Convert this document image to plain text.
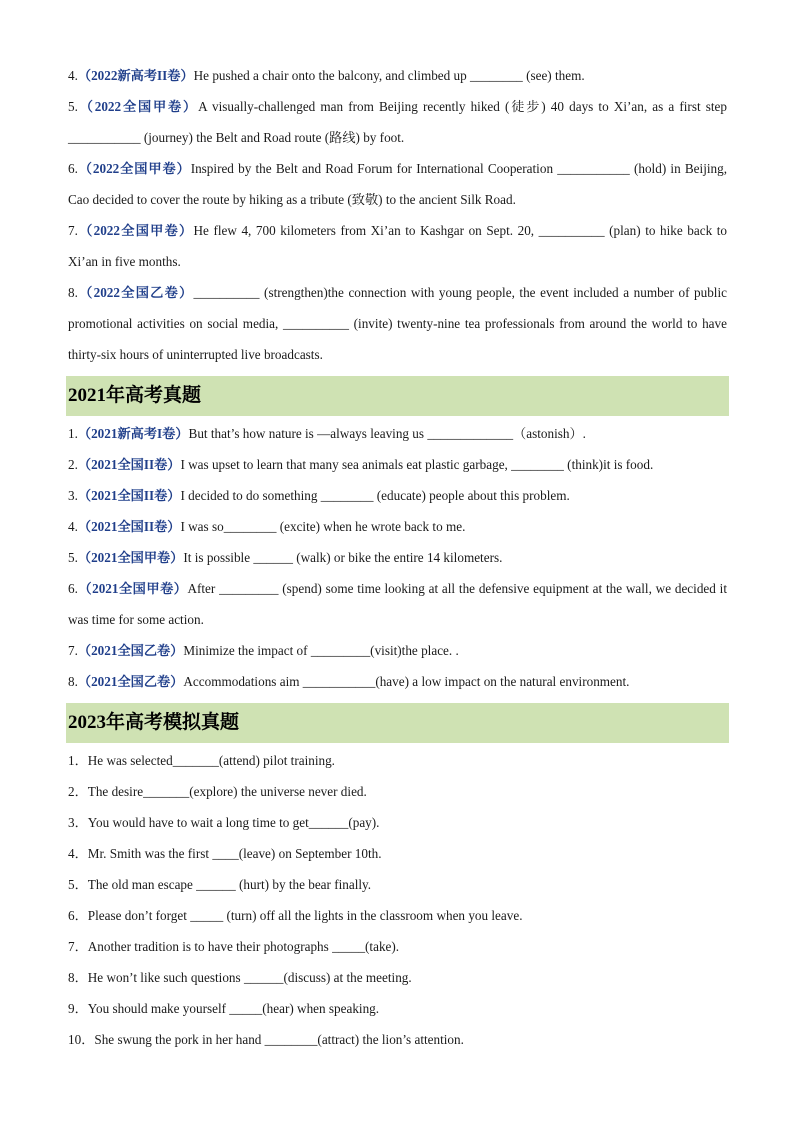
4.（2022新高考II卷）He pushed a chair onto the balcony, and climbed up ________ (see) them.
5.（2022全国甲卷）A visually-challenged man from Beijing recently hiked (徒步) 40 days to Xi’an, as a first step ___________ (journey) the Belt and Road route (路线) by foot.
6.（2022全国甲卷）Inspired by the Belt and Road Forum for International Cooperation ___________ (hold) in Beijing, Cao decided to cover the route by hiking as a tribute (致敬) to the ancient Silk Road.
7.（2022全国甲卷）He flew 4, 700 kilometers from Xi’an to Kashgar on Sept. 20, __________ (plan) to hike back to Xi’an in five months.
8.（2022全国乙卷）__________ (strengthen)the connection with young people, the event included a number of public promotional activities on social media, __________ (invite) twenty-nine tea professionals from around the world to have thirty-six hours of uninterrupted live broadcasts.
2021年高考真题
1.（2021新高考I卷）But that’s how nature is —always leaving us _____________（astonish）.
2.（2021全国II卷）I was upset to learn that many sea animals eat plastic garbage, ________ (think)it is food.
3.（2021全国II卷）I decided to do something ________ (educate) people about this problem.
4.（2021全国II卷）I was so________ (excite) when he wrote back to me.
5.（2021全国甲卷）It is possible ______ (walk) or bike the entire 14 kilometers.
6.（2021全国甲卷）After _________ (spend) some time looking at all the defensive equipment at the wall, we decided it was time for some action.
7.（2021全国乙卷）Minimize the impact of _________(visit)the place. .
8.（2021全国乙卷）Accommodations aim ___________(have) a low impact on the natural environment.
2023年高考模拟真题
1．He was selected_______(attend) pilot training.
2．The desire_______(explore) the universe never died.
3．You would have to wait a long time to get______(pay).
4．Mr. Smith was the first ____(leave) on September 10th.
5．The old man escape ______ (hurt) by the bear finally.
6．Please don’t forget _____ (turn) off all the lights in the classroom when you leave.
7．Another tradition is to have their photographs _____(take).
8．He won’t like such questions ______(discuss) at the meeting.
9．You should make yourself _____(hear) when speaking.
10．She swung the pork in her hand ________(attract) the lion’s attention.
